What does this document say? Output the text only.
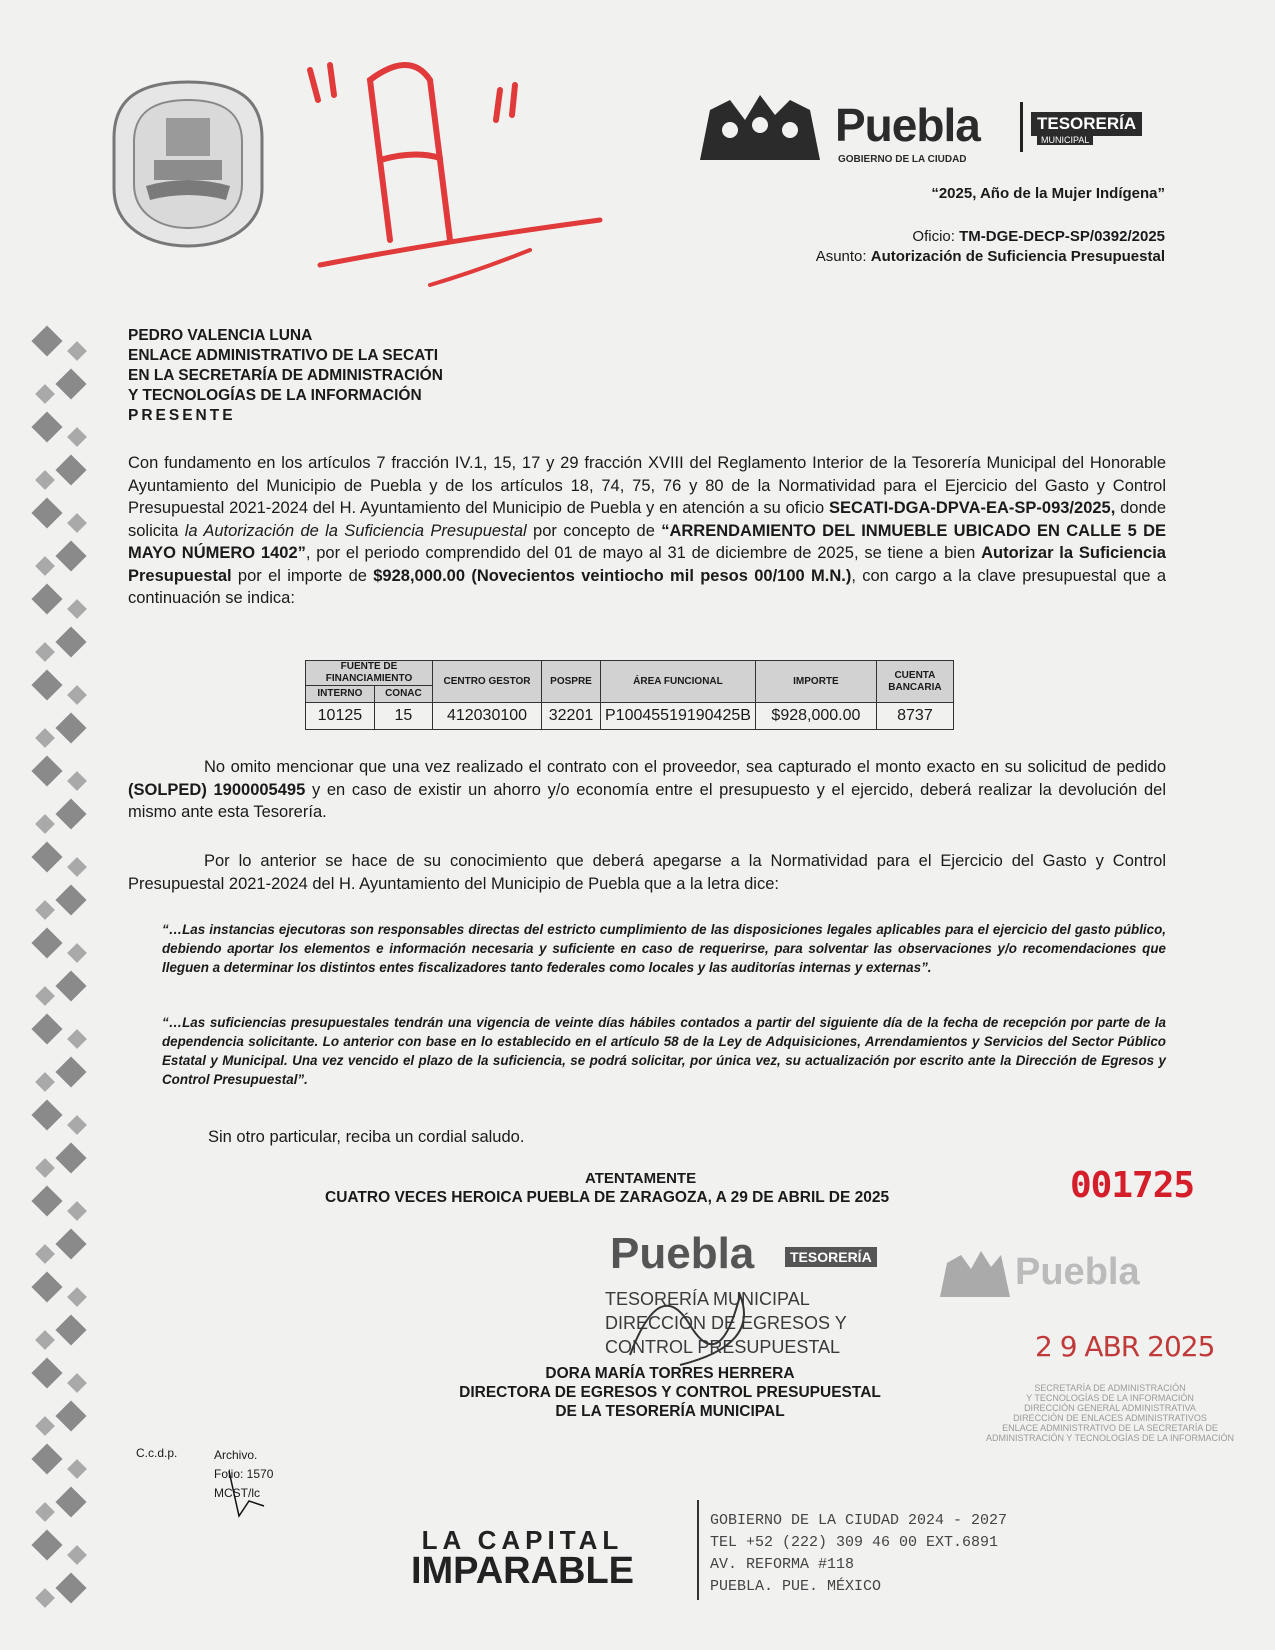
Puebla
GOBIERNO DE LA CIUDAD
TESORERÍA
MUNICIPAL
“2025, Año de la Mujer Indígena”
Oficio: TM-DGE-DECP-SP/0392/2025
Asunto: Autorización de Suficiencia Presupuestal
PEDRO VALENCIA LUNA
ENLACE ADMINISTRATIVO DE LA SECATI
EN LA SECRETARÍA DE ADMINISTRACIÓN
Y TECNOLOGÍAS DE LA INFORMACIÓN
PRESENTE
Con fundamento en los artículos 7 fracción IV.1, 15, 17 y 29 fracción XVIII del Reglamento Interior de la Tesorería Municipal del Honorable Ayuntamiento del Municipio de Puebla y de los artículos 18, 74, 75, 76 y 80 de la Normatividad para el Ejercicio del Gasto y Control Presupuestal 2021-2024 del H. Ayuntamiento del Municipio de Puebla y en atención a su oficio SECATI-DGA-DPVA-EA-SP-093/2025, donde solicita la Autorización de la Suficiencia Presupuestal por concepto de “ARRENDAMIENTO DEL INMUEBLE UBICADO EN CALLE 5 DE MAYO NÚMERO 1402”, por el periodo comprendido del 01 de mayo al 31 de diciembre de 2025, se tiene a bien Autorizar la Suficiencia Presupuestal por el importe de $928,000.00 (Novecientos veintiocho mil pesos 00/100 M.N.), con cargo a la clave presupuestal que a continuación se indica:
FUENTE DE FINANCIAMIENTO		CENTRO GESTOR	POSPRE	ÁREA FUNCIONAL	IMPORTE	CUENTA BANCARIA
INTERNO	CONAC					
10125	15	412030100	32201	P10045519190425B	$928,000.00	8737
No omito mencionar que una vez realizado el contrato con el proveedor, sea capturado el monto exacto en su solicitud de pedido (SOLPED) 1900005495 y en caso de existir un ahorro y/o economía entre el presupuesto y el ejercido, deberá realizar la devolución del mismo ante esta Tesorería.
Por lo anterior se hace de su conocimiento que deberá apegarse a la Normatividad para el Ejercicio del Gasto y Control Presupuestal 2021-2024 del H. Ayuntamiento del Municipio de Puebla que a la letra dice:
“…Las instancias ejecutoras son responsables directas del estricto cumplimiento de las disposiciones legales aplicables para el ejercicio del gasto público, debiendo aportar los elementos e información necesaria y suficiente en caso de requerirse, para solventar las observaciones y/o recomendaciones que lleguen a determinar los distintos entes fiscalizadores tanto federales como locales y las auditorías internas y externas”.
“…Las suficiencias presupuestales tendrán una vigencia de veinte días hábiles contados a partir del siguiente día de la fecha de recepción por parte de la dependencia solicitante. Lo anterior con base en lo establecido en el artículo 58 de la Ley de Adquisiciones, Arrendamientos y Servicios del Sector Público Estatal y Municipal. Una vez vencido el plazo de la suficiencia, se podrá solicitar, por única vez, su actualización por escrito ante la Dirección de Egresos y Control Presupuestal”.
Sin otro particular, reciba un cordial saludo.
ATENTAMENTE
CUATRO VECES HEROICA PUEBLA DE ZARAGOZA, A 29 DE ABRIL DE 2025
Puebla	TESORERÍA
TESORERÍA MUNICIPAL
DIRECCIÓN DE EGRESOS Y
CONTROL PRESUPUESTAL
DORA MARÍA TORRES HERRERA
DIRECTORA DE EGRESOS Y CONTROL PRESUPUESTAL
DE LA TESORERÍA MUNICIPAL
001725
Puebla
2 9 ABR 2025
SECRETARÍA DE ADMINISTRACIÓN
Y TECNOLOGÍAS DE LA INFORMACIÓN
DIRECCIÓN GENERAL ADMINISTRATIVA
DIRECCIÓN DE ENLACES ADMINISTRATIVOS
ENLACE ADMINISTRATIVO DE LA SECRETARÍA DE
ADMINISTRACIÓN Y TECNOLOGÍAS DE LA INFORMACIÓN
C.c.d.p.	Archivo.
Folio: 1570
MCST/lc
LA CAPITAL
IMPARABLE
GOBIERNO DE LA CIUDAD 2024 - 2027
TEL +52 (222) 309 46 00 EXT.6891
AV. REFORMA #118
PUEBLA. PUE. MÉXICO
